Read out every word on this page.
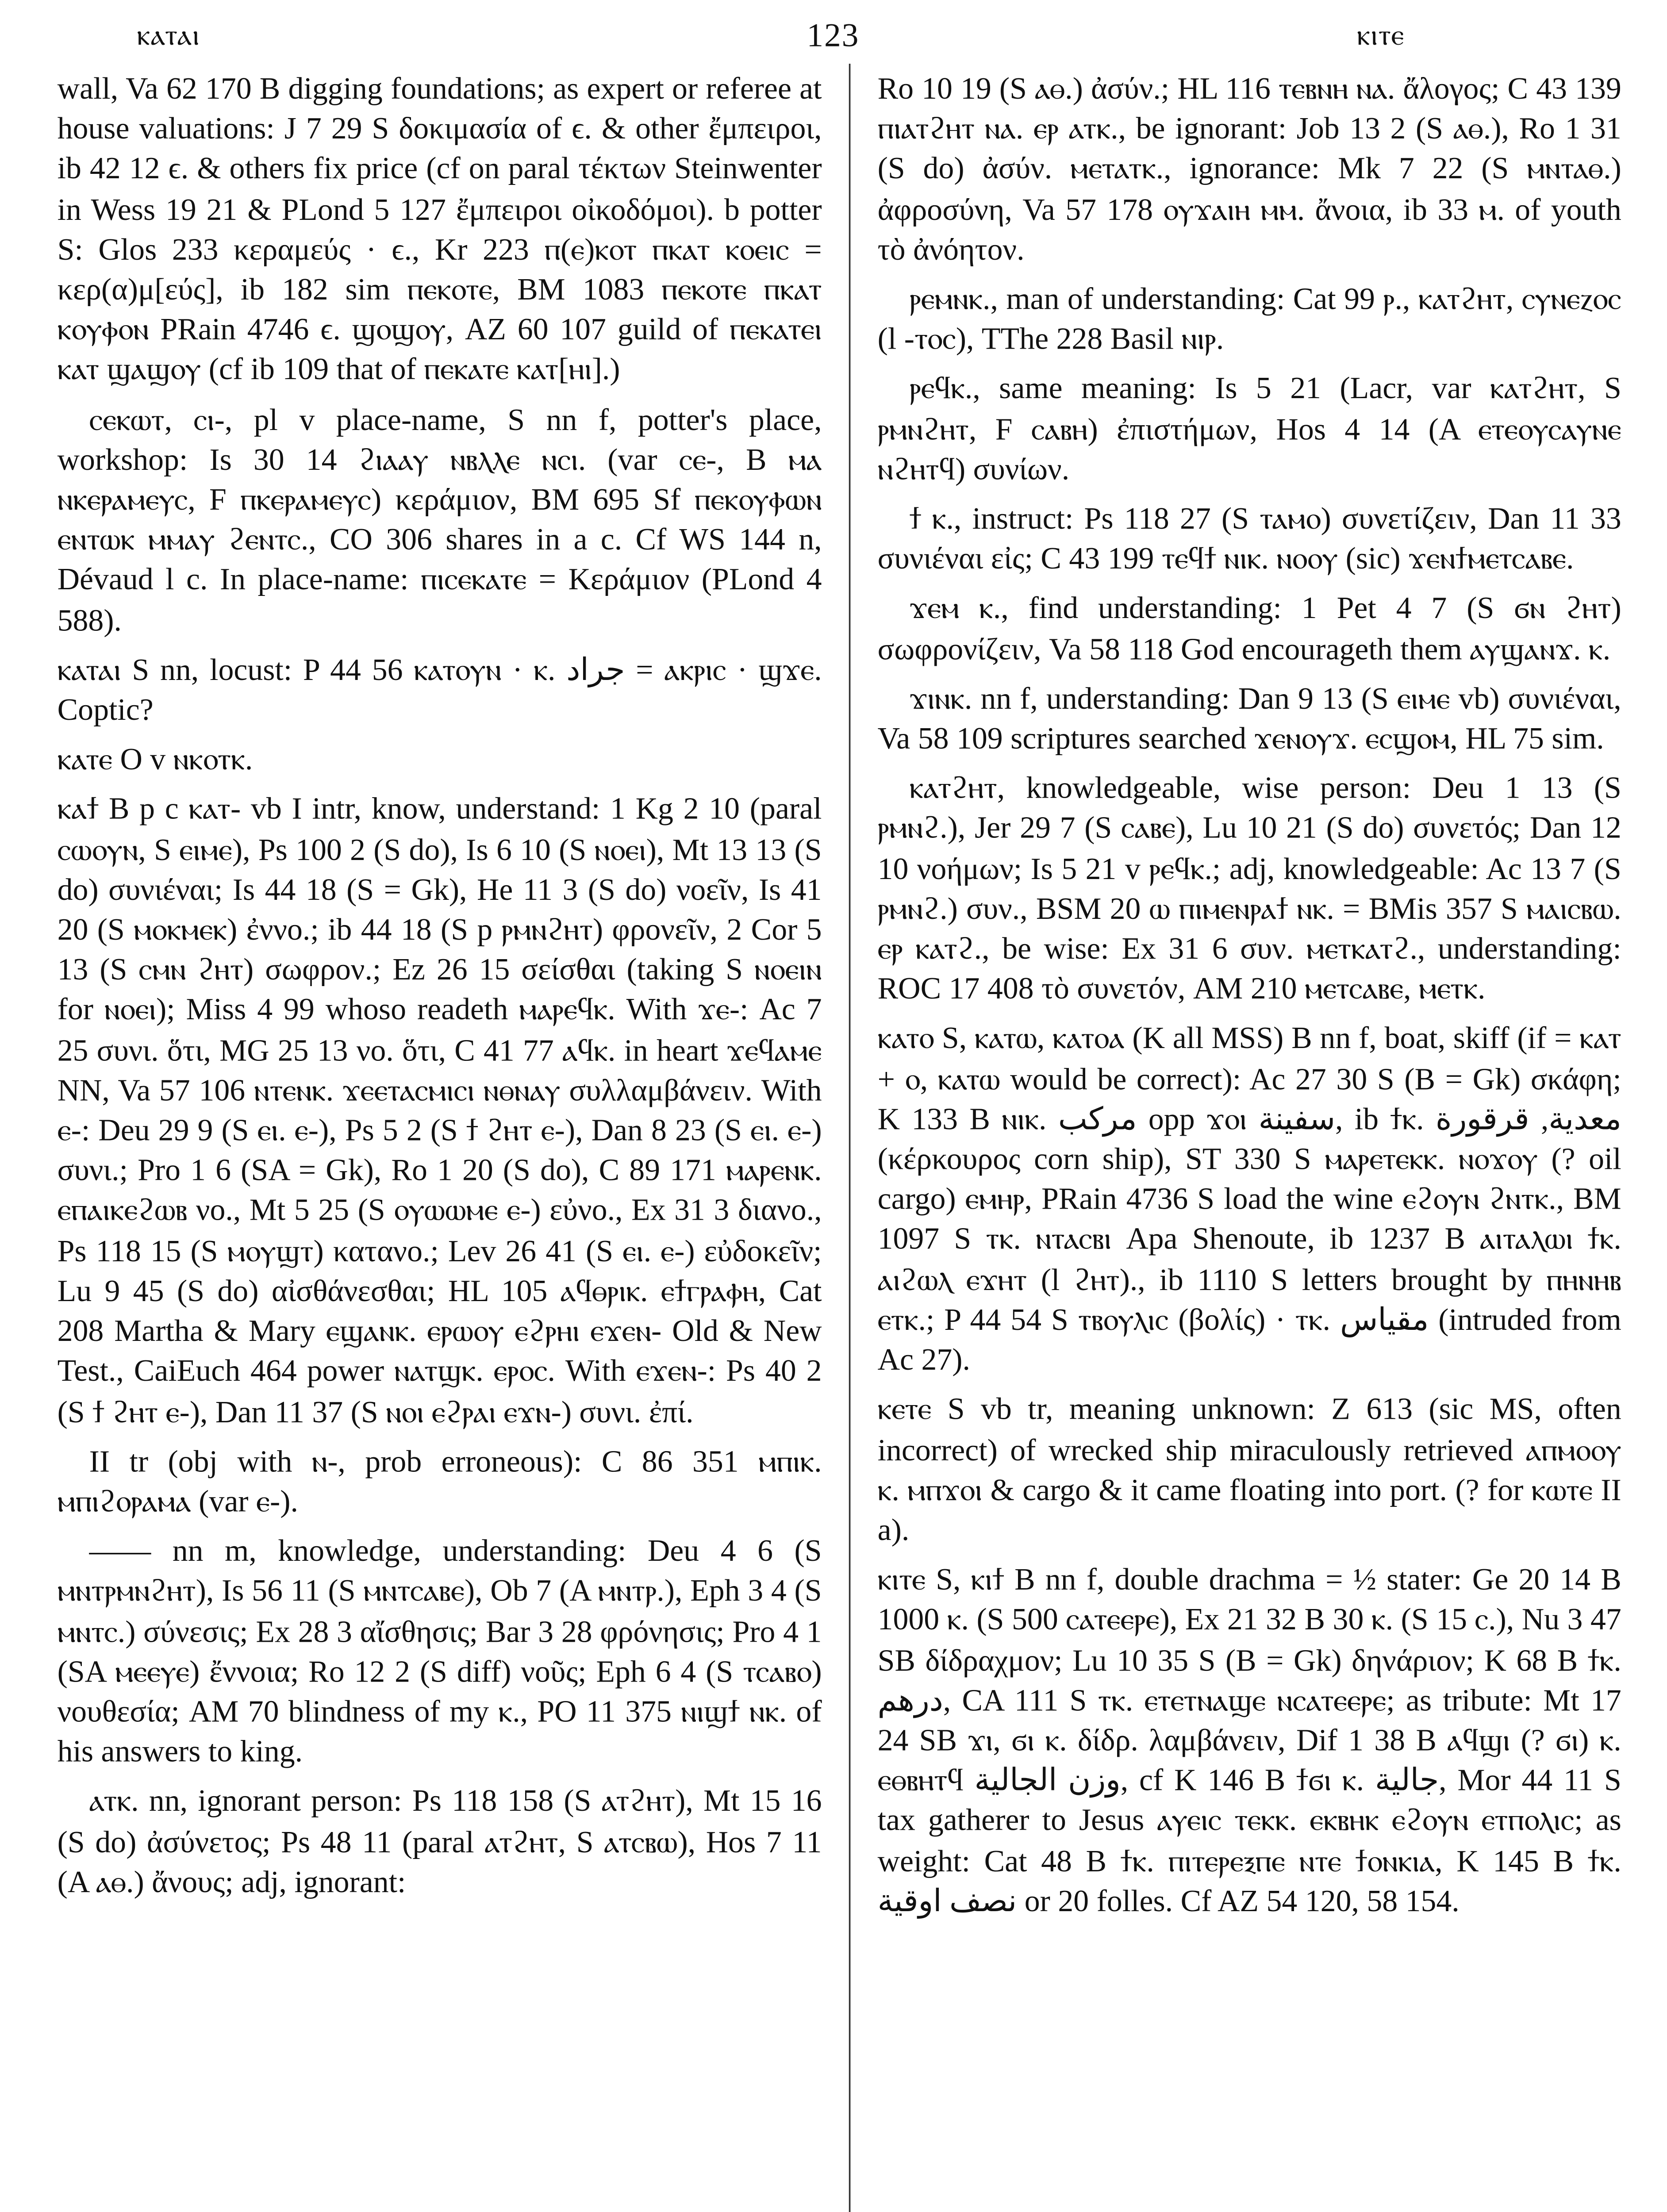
ⲕⲁⲧⲁⲓ	123	ⲕⲓⲧⲉ

wall, Va 62 170 B digging foundations; as expert or referee at house valuations: J 7 29 S δοκιμασία of ϵ. & other ἔμπειροι, ib 42 12 ϵ. & others fix price (cf on paral τέκτων Steinwenter in Wess 19 21 & PLond 5 127 ἔμπειροι οἰκοδόμοι). b potter S: Glos 233 κεραμεύς · ϵ., Kr 223 ⲡ(ⲉ)ⲕⲟⲧ ⲡⲕⲁⲧ ⲕⲟⲉⲓⲥ = κερ(α)μ[εύς], ib 182 sim ⲡⲉⲕⲟⲧⲉ, BM 1083 ⲡⲉⲕⲟⲧⲉ ⲡⲕⲁⲧ ⲕⲟⲩⲫⲟⲛ PRain 4746 ϵ. ϣⲟϣⲟⲩ, AZ 60 107 guild of ⲡⲉⲕⲁⲧⲉⲓ ⲕⲁⲧ ϣⲁϣⲟⲩ (cf ib 109 that of ⲡⲉⲕⲁⲧⲉ ⲕⲁⲧ[ⲏⲓ].)

ⲥⲉⲕⲱⲧ, ⲥⲓ-, pl v place-name, S nn f, potter's place, workshop: Is 30 14 ϩⲓⲁⲁⲩ ⲛⲃⲗⲗⲉ ⲛⲥⲓ. (var ⲥⲉ-, B ⲙⲁ ⲛⲕⲉⲣⲁⲙⲉⲩⲥ, F ⲡⲕⲉⲣⲁⲙⲉⲩⲥ) κεράμιον, BM 695 Sf ⲡⲉⲕⲟⲩⲫⲱⲛ ⲉⲛⲧⲱⲕ ⲙⲙⲁⲩ ϩⲉⲛⲧⲥ., CO 306 shares in a c. Cf WS 144 n, Dévaud l c. In place-name: ⲡⲓⲥⲉⲕⲁⲧⲉ = Κεράμιον (PLond 4 588).

ⲕⲁⲧⲁⲓ S nn, locust: P 44 56 ⲕⲁⲧⲟⲩⲛ · ⲕ. جراد = ⲁⲕⲣⲓⲥ · ϣϫⲉ. Coptic?

ⲕⲁⲧⲉ O v ⲛⲕⲟⲧⲕ.

ⲕⲁϯ B p c ⲕⲁⲧ- vb I intr, know, understand: 1 Kg 2 10 (paral ⲥⲱⲟⲩⲛ, S ⲉⲓⲙⲉ), Ps 100 2 (S do), Is 6 10 (S ⲛⲟⲉⲓ), Mt 13 13 (S do) συνιέναι; Is 44 18 (S = Gk), He 11 3 (S do) νοεῖν, Is 41 20 (S ⲙⲟⲕⲙⲉⲕ) ἐννο.; ib 44 18 (S p ⲣⲙⲛϩⲏⲧ) φρονεῖν, 2 Cor 5 13 (S ⲥⲙⲛ ϩⲏⲧ) σωφρον.; Ez 26 15 σείσθαι (taking S ⲛⲟⲉⲓⲛ for ⲛⲟⲉⲓ); Miss 4 99 whoso readeth ⲙⲁⲣⲉϥⲕ. With ϫⲉ-: Ac 7 25 συνι. ὅτι, MG 25 13 νο. ὅτι, C 41 77 ⲁϥⲕ. in heart ϫⲉϥⲁⲙⲉ NN, Va 57 106 ⲛⲧⲉⲛⲕ. ϫⲉⲉⲧⲁⲥⲙⲓⲥⲓ ⲛⲑⲛⲁⲩ συλλαμβάνειν. With ⲉ-: Deu 29 9 (S ⲉⲓ. ⲉ-), Ps 5 2 (S ϯ ϩⲏⲧ ⲉ-), Dan 8 23 (S ⲉⲓ. ⲉ-) συνι.; Pro 1 6 (SA = Gk), Ro 1 20 (S do), C 89 171 ⲙⲁⲣⲉⲛⲕ. ⲉⲡⲁⲓⲕⲉϩⲱⲃ νο., Mt 5 25 (S ⲟⲩⲱⲱⲙⲉ ⲉ-) εὐνο., Ex 31 3 διανο., Ps 118 15 (S ⲙⲟⲩϣⲧ) κατανο.; Lev 26 41 (S ⲉⲓ. ⲉ-) εὐδοκεῖν; Lu 9 45 (S do) αἰσθάνεσθαι; HL 105 ⲁϥⲑⲣⲓⲕ. ⲉϯⲅⲣⲁⲫⲏ, Cat 208 Martha & Mary ⲉϣⲁⲛⲕ. ⲉⲣⲱⲟⲩ ⲉϩⲣⲏⲓ ⲉϫⲉⲛ- Old & New Test., CaiEuch 464 power ⲛⲁⲧϣⲕ. ⲉⲣⲟⲥ. With ⲉϫⲉⲛ-: Ps 40 2 (S ϯ ϩⲏⲧ ⲉ-), Dan 11 37 (S ⲛⲟⲓ ⲉϩⲣⲁⲓ ⲉϫⲛ-) συνι. ἐπί.

II tr (obj with ⲛ-, prob erroneous): C 86 351 ⲙⲡⲓⲕ. ⲙⲡⲓϩⲟⲣⲁⲙⲁ (var ⲉ-).

—— nn m, knowledge, understanding: Deu 4 6 (S ⲙⲛⲧⲣⲙⲛϩⲏⲧ), Is 56 11 (S ⲙⲛⲧⲥⲁⲃⲉ), Ob 7 (A ⲙⲛⲧⲣ.), Eph 3 4 (S ⲙⲛⲧⲥ.) σύνεσις; Ex 28 3 αἴσθησις; Bar 3 28 φρόνησις; Pro 4 1 (SA ⲙⲉⲉⲩⲉ) ἔννοια; Ro 12 2 (S diff) νοῦς; Eph 6 4 (S ⲧⲥⲁⲃⲟ) νουθεσία; AM 70 blindness of my ⲕ., PO 11 375 ⲛⲓϣϯ ⲛⲕ. of his answers to king.

ⲁⲧⲕ. nn, ignorant person: Ps 118 158 (S ⲁⲧϩⲏⲧ), Mt 15 16 (S do) ἀσύνετος; Ps 48 11 (paral ⲁⲧϩⲏⲧ, S ⲁⲧⲥⲃⲱ), Hos 7 11 (A ⲁⲑ.) ἄνους; adj, ignorant:

Ro 10 19 (S ⲁⲑ.) ἀσύν.; HL 116 ⲧⲉⲃⲛⲏ ⲛⲁ. ἄλογος; C 43 139 ⲡⲓⲁⲧϩⲏⲧ ⲛⲁ. ⲉⲣ ⲁⲧⲕ., be ignorant: Job 13 2 (S ⲁⲑ.), Ro 1 31 (S do) ἀσύν. ⲙⲉⲧⲁⲧⲕ., ignorance: Mk 7 22 (S ⲙⲛⲧⲁⲑ.) ἀφροσύνη, Va 57 178 ⲟⲩϫⲁⲓⲏ ⲙⲙ. ἄνοια, ib 33 ⲙ. of youth τὸ ἀνόητον.

ⲣⲉⲙⲛⲕ., man of understanding: Cat 99 ⲣ., ⲕⲁⲧϩⲏⲧ, ⲥⲩⲛⲉⲍⲟⲥ (l -ⲧⲟⲥ), TThe 228 Basil ⲛⲓⲣ.

ⲣⲉϥⲕ., same meaning: Is 5 21 (Lacr, var ⲕⲁⲧϩⲏⲧ, S ⲣⲙⲛϩⲏⲧ, F ⲥⲁⲃⲏ) ἐπιστήμων, Hos 4 14 (A ⲉⲧⲉⲟⲩⲥⲁⲩⲛⲉ ⲛϩⲏⲧϥ) συνίων.

ϯ ⲕ., instruct: Ps 118 27 (S ⲧⲁⲙⲟ) συνετίζειν, Dan 11 33 συνιέναι εἰς; C 43 199 ⲧⲉϥϯ ⲛⲓⲕ. ⲛⲟⲟⲩ (sic) ϫⲉⲛϯⲙⲉⲧⲥⲁⲃⲉ.

ϫⲉⲙ ⲕ., find understanding: 1 Pet 4 7 (S ϭⲛ ϩⲏⲧ) σωφρονίζειν, Va 58 118 God encourageth them ⲁⲩϣⲁⲛϫ. ⲕ.

ϫⲓⲛⲕ. nn f, understanding: Dan 9 13 (S ⲉⲓⲙⲉ vb) συνιέναι, Va 58 109 scriptures searched ϫⲉⲛⲟⲩϫ. ⲉⲥϣⲟⲙ, HL 75 sim.

ⲕⲁⲧϩⲏⲧ, knowledgeable, wise person: Deu 1 13 (S ⲣⲙⲛϩ.), Jer 29 7 (S ⲥⲁⲃⲉ), Lu 10 21 (S do) συνετός; Dan 12 10 νοήμων; Is 5 21 v ⲣⲉϥⲕ.; adj, knowledgeable: Ac 13 7 (S ⲣⲙⲛϩ.) συν., BSM 20 ⲱ ⲡⲓⲙⲉⲛⲣⲁϯ ⲛⲕ. = BMis 357 S ⲙⲁⲓⲥⲃⲱ. ⲉⲣ ⲕⲁⲧϩ., be wise: Ex 31 6 συν. ⲙⲉⲧⲕⲁⲧϩ., understanding: ROC 17 408 τὸ συνετόν, AM 210 ⲙⲉⲧⲥⲁⲃⲉ, ⲙⲉⲧⲕ.

ⲕⲁⲧⲟ S, ⲕⲁⲧⲱ, ⲕⲁⲧⲟⲁ (K all MSS) B nn f, boat, skiff (if = ⲕⲁⲧ + ⲟ, ⲕⲁⲧⲱ would be correct): Ac 27 30 S (B = Gk) σκάφη; K 133 B ⲛⲓⲕ. مركب opp ϫⲟⲓ سفينة, ib ϯⲕ. معدية, قرقورة (κέρκουρος corn ship), ST 330 S ⲙⲁⲣⲉⲧⲉⲕⲕ. ⲛⲟϫⲟⲩ (? oil cargo) ⲉⲙⲏⲣ, PRain 4736 S load the wine ⲉϩⲟⲩⲛ ϩⲛⲧⲕ., BM 1097 S ⲧⲕ. ⲛⲧⲁⲥⲃⲓ Apa Shenoute, ib 1237 B ⲁⲓⲧⲁⲗⲱⲓ ϯⲕ. ⲁⲓϩⲱⲗ ⲉϫⲏⲧ (l ϩⲏⲧ)., ib 1110 S letters brought by ⲡⲏⲛⲏⲃ ⲉⲧⲕ.; P 44 54 S ⲧⲃⲟⲩⲗⲓⲥ (βολίς) · ⲧⲕ. مقياس (intruded from Ac 27).

ⲕⲉⲧⲉ S vb tr, meaning unknown: Z 613 (sic MS, often incorrect) of wrecked ship miraculously retrieved ⲁⲡⲙⲟⲟⲩ ⲕ. ⲙⲡϫⲟⲓ & cargo & it came floating into port. (? for ⲕⲱⲧⲉ II a).

ⲕⲓⲧⲉ S, ⲕⲓϯ B nn f, double drachma = ½ stater: Ge 20 14 B 1000 ⲕ. (S 500 ⲥⲁⲧⲉⲉⲣⲉ), Ex 21 32 B 30 ⲕ. (S 15 ⲥ.), Nu 3 47 SB δίδραχμον; Lu 10 35 S (B = Gk) δηνάριον; K 68 B ϯⲕ. درهم, CA 111 S ⲧⲕ. ⲉⲧⲉⲧⲛⲁϣⲉ ⲛⲥⲁⲧⲉⲉⲣⲉ; as tribute: Mt 17 24 SB ϫⲓ, ϭⲓ ⲕ. δίδρ. λαμβάνειν, Dif 1 38 B ⲁϥϣⲓ (? ϭⲓ) ⲕ. ⲉⲑⲃⲏⲧϥ وزن الجالية, cf K 146 B ϯϭⲓ ⲕ. جالية, Mor 44 11 S tax gatherer to Jesus ⲁⲩⲉⲓⲥ ⲧⲉⲕⲕ. ⲉⲕⲃⲏⲕ ⲉϩⲟⲩⲛ ⲉⲧⲡⲟⲗⲓⲥ; as weight: Cat 48 B ϯⲕ. ⲡⲓⲧⲉⲣⲉⲝⲡⲉ ⲛⲧⲉ ϯⲟⲛⲕⲓⲁ, K 145 B ϯⲕ. نصف اوقية or 20 folles. Cf AZ 54 120, 58 154.
